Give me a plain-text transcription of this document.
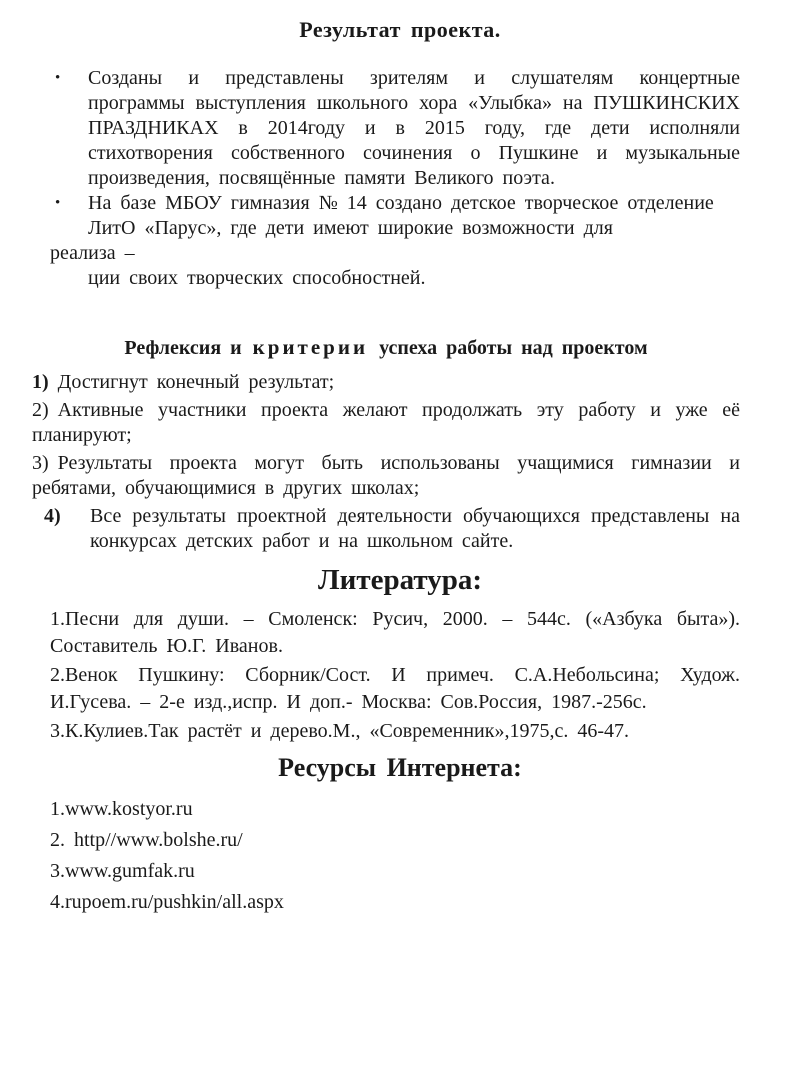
Результат проекта.

• Созданы и представлены зрителям и слушателям концертные программы выступления школьного хора «Улыбка» на ПУШКИНСКИХ ПРАЗДНИКАХ в 2014году и в 2015 году, где дети исполняли стихотворения собственного сочинения о Пушкине и музыкальные произведения, посвящённые памяти Великого поэта.

• На базе МБОУ гимназия № 14 создано детское творческое отделение

ЛитО «Парус», где дети имеют широкие возможности для

реализа –

ции своих творческих способностней.

Рефлексия и критерии успеха работы над проектом

1) Достигнут конечный результат;

2) Активные участники проекта желают продолжать эту работу и уже её планируют;

3) Результаты проекта могут быть использованы учащимися гимназии и ребятами, обучающимися в других школах;

4) Все результаты проектной деятельности обучающихся представлены на конкурсах детских работ и на школьном сайте.

Литература:

1.Песни для души. – Смоленск: Русич, 2000. – 544с. («Азбука быта»). Составитель Ю.Г. Иванов.

2.Венок Пушкину: Сборник/Сост. И примеч. С.А.Небольсина; Худож. И.Гусева. – 2-е изд.,испр. И доп.- Москва: Сов.Россия, 1987.-256с.

3.К.Кулиев.Так растёт и дерево.М., «Современник»,1975,с. 46-47.

Ресурсы Интернета:

1.www.kostyor.ru

2. http//www.bolshe.ru/

3.www.gumfak.ru

4.rupoem.ru/pushkin/all.aspx
